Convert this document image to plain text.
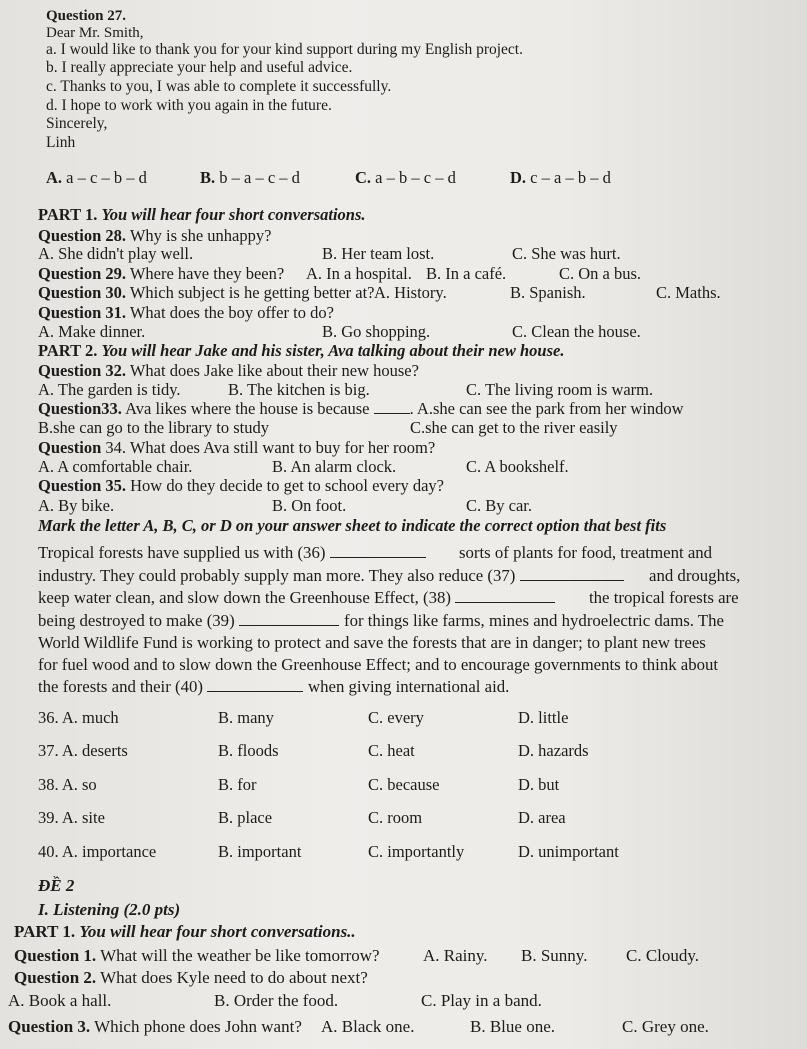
Question 27.
Dear Mr. Smith,
a. I would like to thank you for your kind support during my English project.
b. I really appreciate your help and useful advice.
c. Thanks to you, I was able to complete it successfully.
d. I hope to work with you again in the future.
Sincerely,
Linh
A. a – c – b – d	B. b – a – c – d	C. a – b – c – d	D. c – a – b – d
PART 1. You will hear four short conversations.
Question 28. Why is she unhappy?
A. She didn't play well.	B. Her team lost.	C. She was hurt.
Question 29. Where have they been? A. In a hospital. B. In a café.	C. On a bus.
Question 30. Which subject is he getting better at? A. History.	B. Spanish.	C. Maths.
Question 31. What does the boy offer to do?
A. Make dinner.	B. Go shopping.	C. Clean the house.
PART 2. You will hear Jake and his sister, Ava talking about their new house.
Question 32. What does Jake like about their new house?
A. The garden is tidy.	B. The kitchen is big.	C. The living room is warm.
Question33. Ava likes where the house is because . A.she can see the park from her window
B.she can go to the library to study	C.she can get to the river easily
Question 34. What does Ava still want to buy for her room?
A. A comfortable chair.	B. An alarm clock.	C. A bookshelf.
Question 35. How do they decide to get to school every day?
A. By bike.	B. On foot.	C. By car.
Mark the letter A, B, C, or D on your answer sheet to indicate the correct option that best fits
Tropical forests have supplied us with (36)	sorts of plants for food, treatment and
industry. They could probably supply man more. They also reduce (37)	and droughts,
keep water clean, and slow down the Greenhouse Effect, (38)	the tropical forests are
being destroyed to make (39)	for things like farms, mines and hydroelectric dams. The
World Wildlife Fund is working to protect and save the forests that are in danger; to plant new trees
for fuel wood and to slow down the Greenhouse Effect; and to encourage governments to think about
the forests and their (40)	when giving international aid.
36. A. much	B. many	C. every	D. little
37. A. deserts	B. floods	C. heat	D. hazards
38. A. so	B. for	C. because	D. but
39. A. site	B. place	C. room	D. area
40. A. importance	B. important	C. importantly	D. unimportant
ĐỀ 2
I. Listening (2.0 pts)
PART 1. You will hear four short conversations..
Question 1. What will the weather be like tomorrow?	A. Rainy. B. Sunny. C. Cloudy.
Question 2. What does Kyle need to do about next?
A. Book a hall.	B. Order the food.	C. Play in a band.
Question 3. Which phone does John want? A. Black one.	B. Blue one.	C. Grey one.
